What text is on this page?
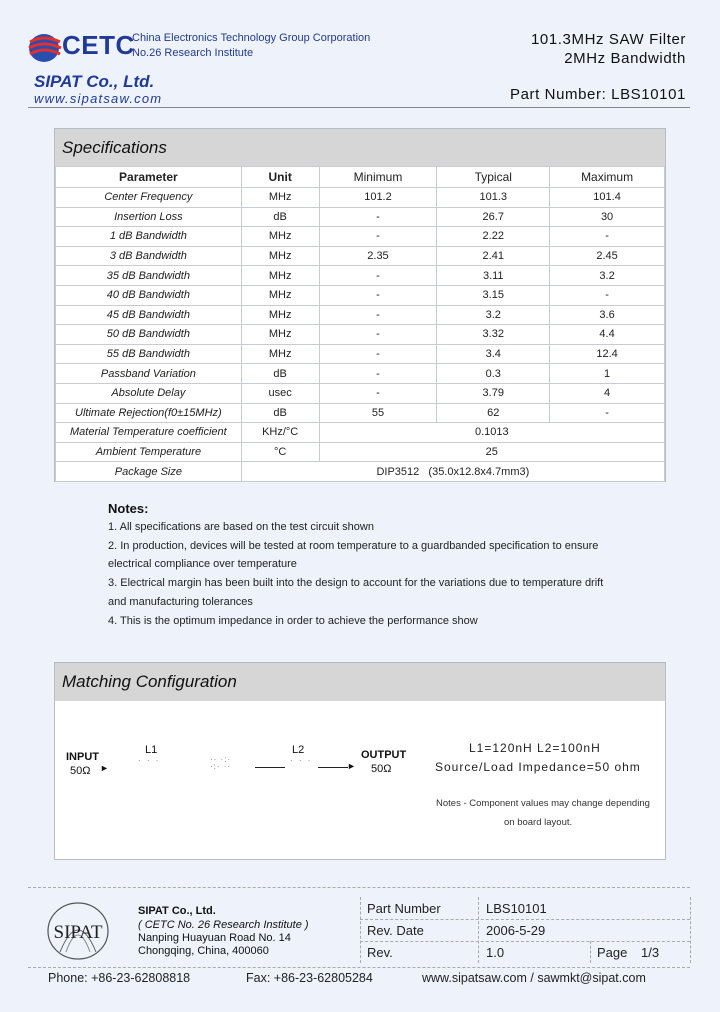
CETC
China Electronics Technology Group Corporation
No.26 Research Institute
101.3MHz SAW Filter
2MHz Bandwidth
Part Number: LBS10101
SIPAT Co., Ltd.
www.sipatsaw.com
Specifications
Parameter	Unit	Minimum	Typical	Maximum
Center Frequency	MHz	101.2	101.3	101.4
Insertion Loss	dB	-	26.7	30
1 dB Bandwidth	MHz	-	2.22	-
3 dB Bandwidth	MHz	2.35	2.41	2.45
35 dB Bandwidth	MHz	-	3.11	3.2
40 dB Bandwidth	MHz	-	3.15	-
45 dB Bandwidth	MHz	-	3.2	3.6
50 dB Bandwidth	MHz	-	3.32	4.4
55 dB Bandwidth	MHz	-	3.4	12.4
Passband Variation	dB	-	0.3	1
Absolute Delay	usec	-	3.79	4
Ultimate Rejection(f0±15MHz)	dB	55	62	-
Material Temperature coefficient	KHz/°C	0.1013		
Ambient Temperature	°C	25		
Package Size	DIP3512   (35.0x12.8x4.7mm3)			
Notes:
1. All specifications are based on the test circuit shown
2. In production, devices will be tested at room temperature to a guardbanded specification to ensure
electrical compliance over temperature
3. Electrical margin has been built into the design to account for the variations due to temperature drift
and manufacturing tolerances
4. This is the optimum impedance in order to achieve the performance show
Matching Configuration
INPUT
50Ω ►
L1
· · ·	·· ·:·
·:· ··
L2
· · ·
►
OUTPUT
50Ω
L1=120nH L2=100nH
Source/Load Impedance=50 ohm
Notes - Component values may change depending
on board layout.
SIPAT
SIPAT Co., Ltd.
( CETC No. 26 Research Institute )
Nanping Huayuan Road No. 14
Chongqing, China, 400060
Part Number	LBS10101
Rev. Date	2006-5-29
Rev.	1.0	Page 1/3
Phone: +86-23-62808818	Fax: +86-23-62805284	www.sipatsaw.com / sawmkt@sipat.com
